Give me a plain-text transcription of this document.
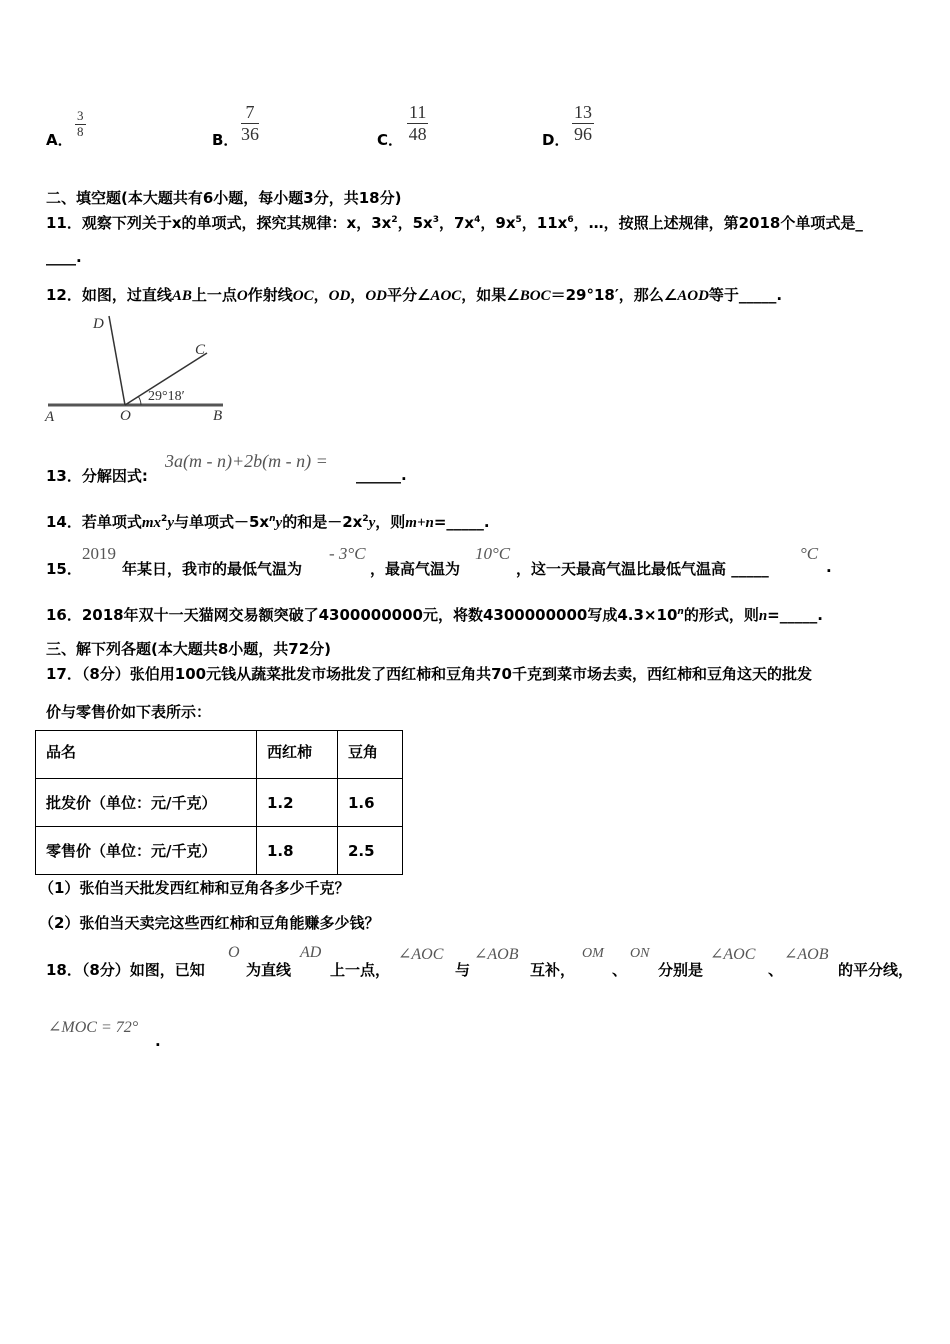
A．
$\frac{3}{8}$
B． $\frac{7}{36}$	C． $\frac{11}{48}$	D． $\frac{13}{96}$
二、填空题(本大题共有6小题，每小题3分，共18分)
11．观察下列关于x的单项式，探究其规律：x，$3x^2$，$5x^3$，$7x^4$，$9x^5$，$11x^6$，…，按照上述规律，第2018个单项式是_
____.
12．如图，过直线AB上一点O作射线OC，OD，OD平分∠AOC，如果∠BOC＝29°18′，那么∠AOD等于_____.
D
C
A	O	B
29°18′
13．分解因式:
3a(m - n)+2b(m - n) =
______.
14．若单项式$mx^2y$与单项式$-5x^ny$的和是$-2x^2y$，则m+n=_____.
15．
2019
年某日，我市的最低气温为
- 3°C
，最高气温为
10°C
，这一天最高气温比最低气温高 _____
°C
.
16．2018年双十一天猫网交易额突破了4300000000元，将数4300000000写成$4.3\times 10^n$的形式，则n=_____.
三、解下列各题(本大题共8小题，共72分)
17．（8分）张伯用100元钱从蔬菜批发市场批发了西红柿和豆角共70千克到菜市场去卖，西红柿和豆角这天的批发
价与零售价如下表所示：
品名	西红柿	豆角
批发价（单位：元/千克）	1.2	1.6
零售价（单位：元/千克）	1.8	2.5
（1）张伯当天批发西红柿和豆角各多少千克？
（2）张伯当天卖完这些西红柿和豆角能赚多少钱？
18．（8分）如图，已知
O
为直线
AD
上一点，
∠AOC
与
∠AOB
互补，
OM
、
ON
分别是
∠AOC
、
∠AOB
的平分线，
∠MOC = 72°
.
